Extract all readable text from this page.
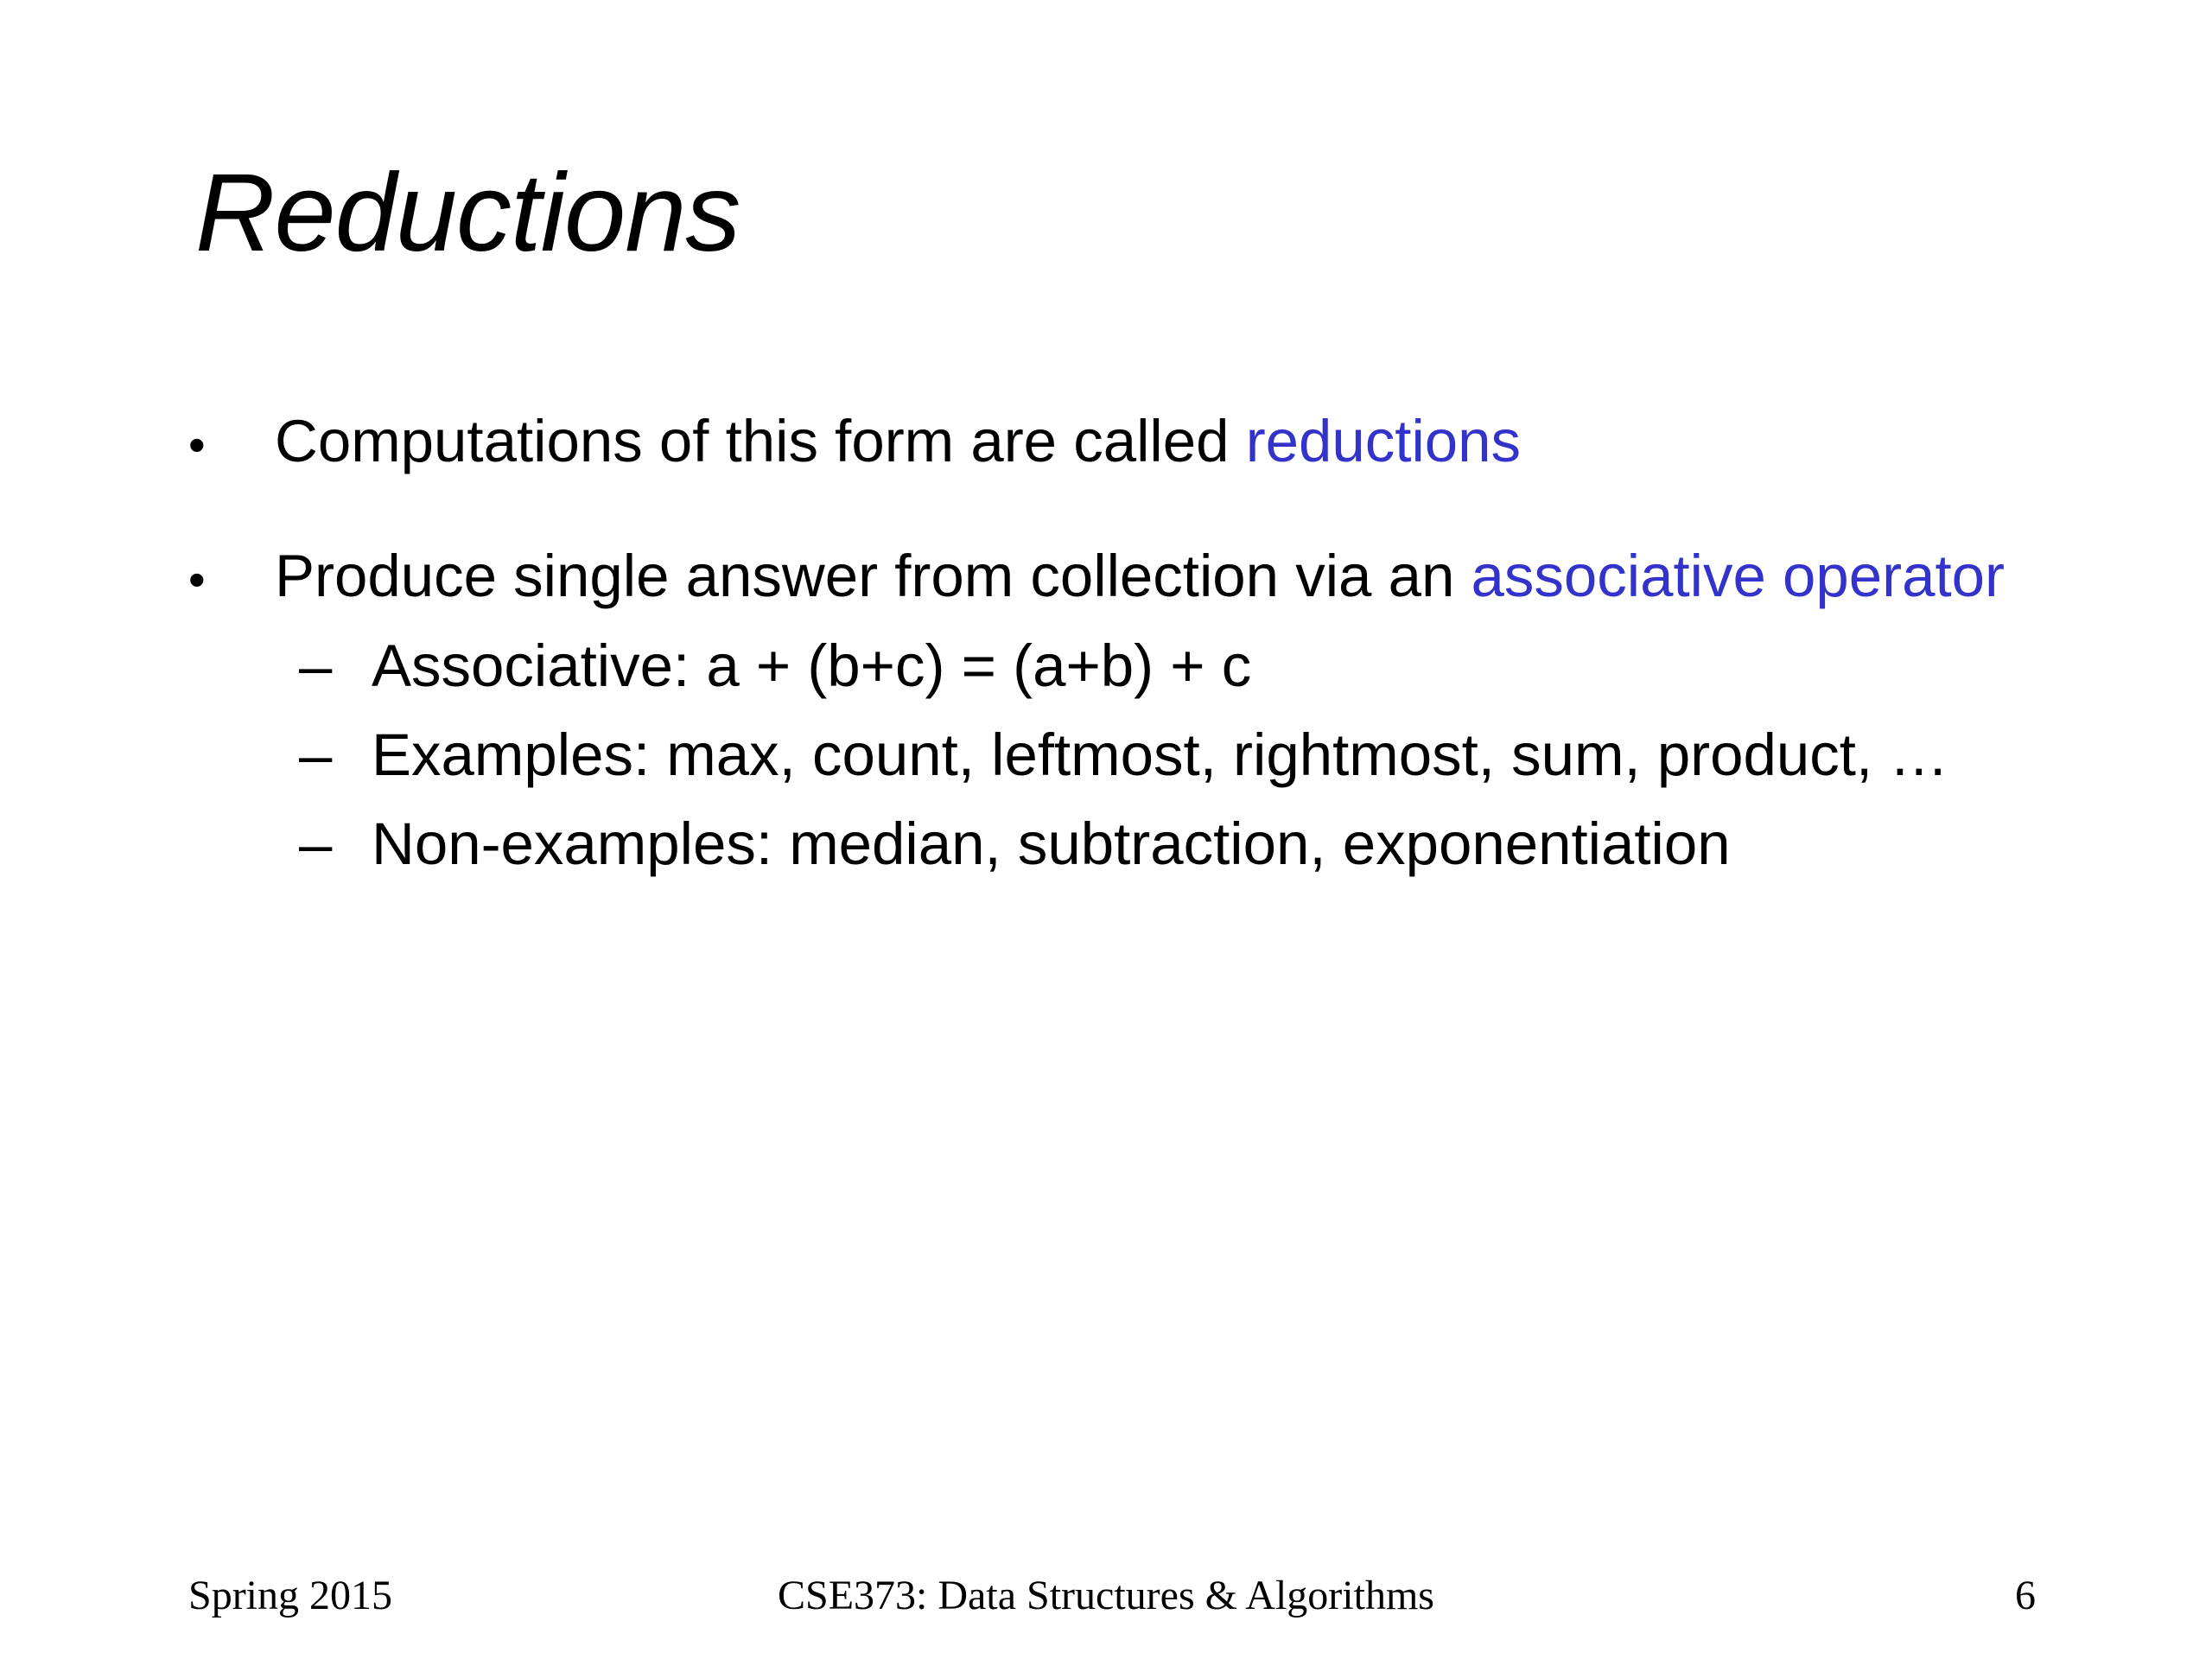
Reductions
•	Computations of this form are called reductions
•	Produce single answer from collection via an associative operator
– Associative: a + (b+c) = (a+b) + c
– Examples: max, count, leftmost, rightmost, sum, product, …
– Non-examples: median, subtraction, exponentiation
CSE373: Data Structures & Algorithms
Spring 2015	6
